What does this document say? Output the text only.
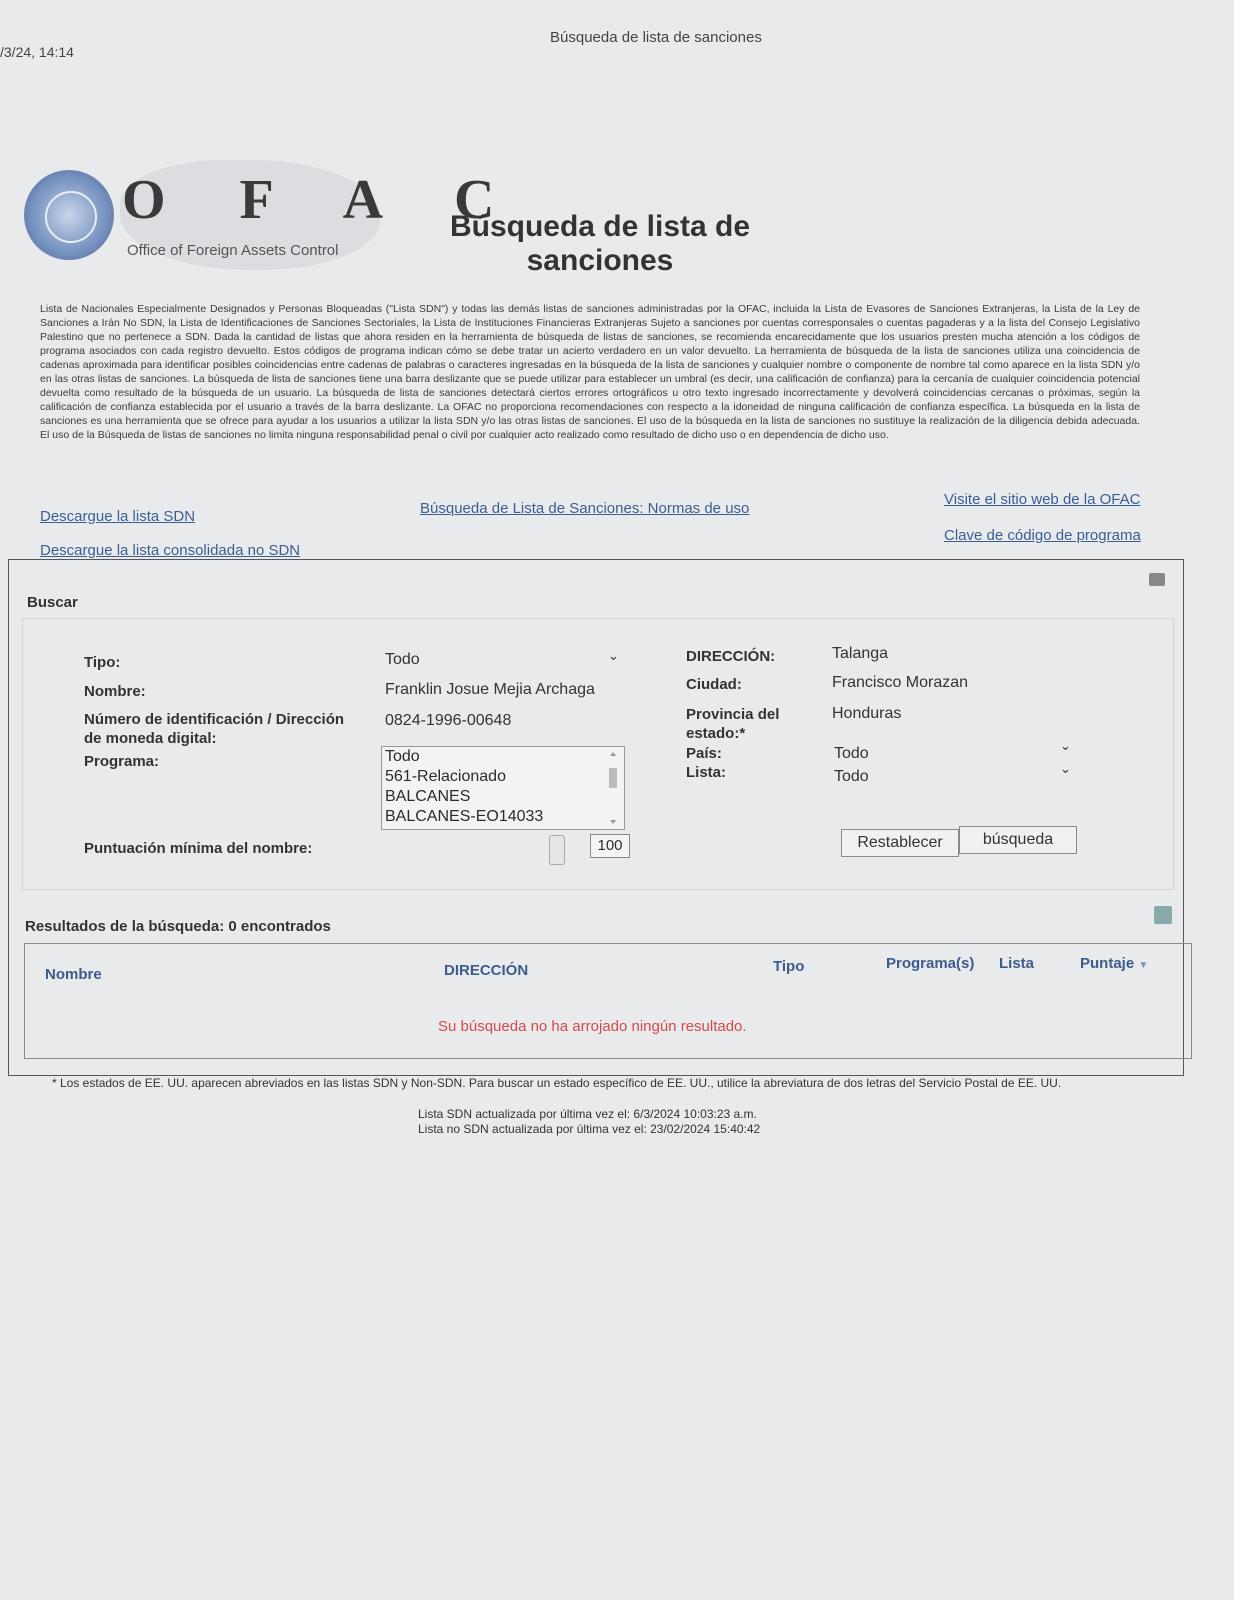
/3/24, 14:14
Búsqueda de lista de sanciones
O F A C
Office of Foreign Assets Control
Búsqueda de lista de
sanciones
Lista de Nacionales Especialmente Designados y Personas Bloqueadas ("Lista SDN") y todas las demás listas de sanciones administradas por la OFAC, incluida la Lista de Evasores de Sanciones Extranjeras, la Lista de la Ley de Sanciones a Irán No SDN, la Lista de Identificaciones de Sanciones Sectoriales, la Lista de Instituciones Financieras Extranjeras Sujeto a sanciones por cuentas corresponsales o cuentas pagaderas y a la lista del Consejo Legislativo Palestino que no pertenece a SDN. Dada la cantidad de listas que ahora residen en la herramienta de búsqueda de listas de sanciones, se recomienda encarecidamente que los usuarios presten mucha atención a los códigos de programa asociados con cada registro devuelto. Estos códigos de programa indican cómo se debe tratar un acierto verdadero en un valor devuelto. La herramienta de búsqueda de la lista de sanciones utiliza una coincidencia de cadenas aproximada para identificar posibles coincidencias entre cadenas de palabras o caracteres ingresadas en la búsqueda de la lista de sanciones y cualquier nombre o componente de nombre tal como aparece en la lista SDN y/o en las otras listas de sanciones. La búsqueda de lista de sanciones tiene una barra deslizante que se puede utilizar para establecer un umbral (es decir, una calificación de confianza) para la cercanía de cualquier coincidencia potencial devuelta como resultado de la búsqueda de un usuario. La búsqueda de lista de sanciones detectará ciertos errores ortográficos u otro texto ingresado incorrectamente y devolverá coincidencias cercanas o próximas, según la calificación de confianza establecida por el usuario a través de la barra deslizante. La OFAC no proporciona recomendaciones con respecto a la idoneidad de ninguna calificación de confianza específica. La búsqueda en la lista de sanciones es una herramienta que se ofrece para ayudar a los usuarios a utilizar la lista SDN y/o las otras listas de sanciones. El uso de la búsqueda en la lista de sanciones no sustituye la realización de la diligencia debida adecuada. El uso de la Búsqueda de listas de sanciones no limita ninguna responsabilidad penal o civil por cualquier acto realizado como resultado de dicho uso o en dependencia de dicho uso.
Descargue la lista SDN	Búsqueda de Lista de Sanciones: Normas de uso
Visite el sitio web de la OFAC
Descargue la lista consolidada no SDN
Clave de código de programa
Buscar
Tipo:	Todo	⌄
Nombre:	Franklin Josue Mejia Archaga
Número de identificación / Dirección
de moneda digital:
0824-1996-00648
Programa:	Todo
561-Relacionado
BALCANES
BALCANES-EO14033
Puntuación mínima del nombre:	100
DIRECCIÓN:	Talanga
Ciudad:	Francisco Morazan
Provincia del
estado:*
Honduras
País:	Todo	⌄
Lista:	Todo	⌄
Restablecer	búsqueda
Resultados de la búsqueda: 0 encontrados
Nombre	DIRECCIÓN	Tipo	Programa(s) Lista	Puntaje ▼
Su búsqueda no ha arrojado ningún resultado.
* Los estados de EE. UU. aparecen abreviados en las listas SDN y Non-SDN. Para buscar un estado específico de EE. UU., utilice la abreviatura de dos letras del Servicio Postal de EE. UU.
Lista SDN actualizada por última vez el: 6/3/2024 10:03:23 a.m.
Lista no SDN actualizada por última vez el: 23/02/2024 15:40:42
